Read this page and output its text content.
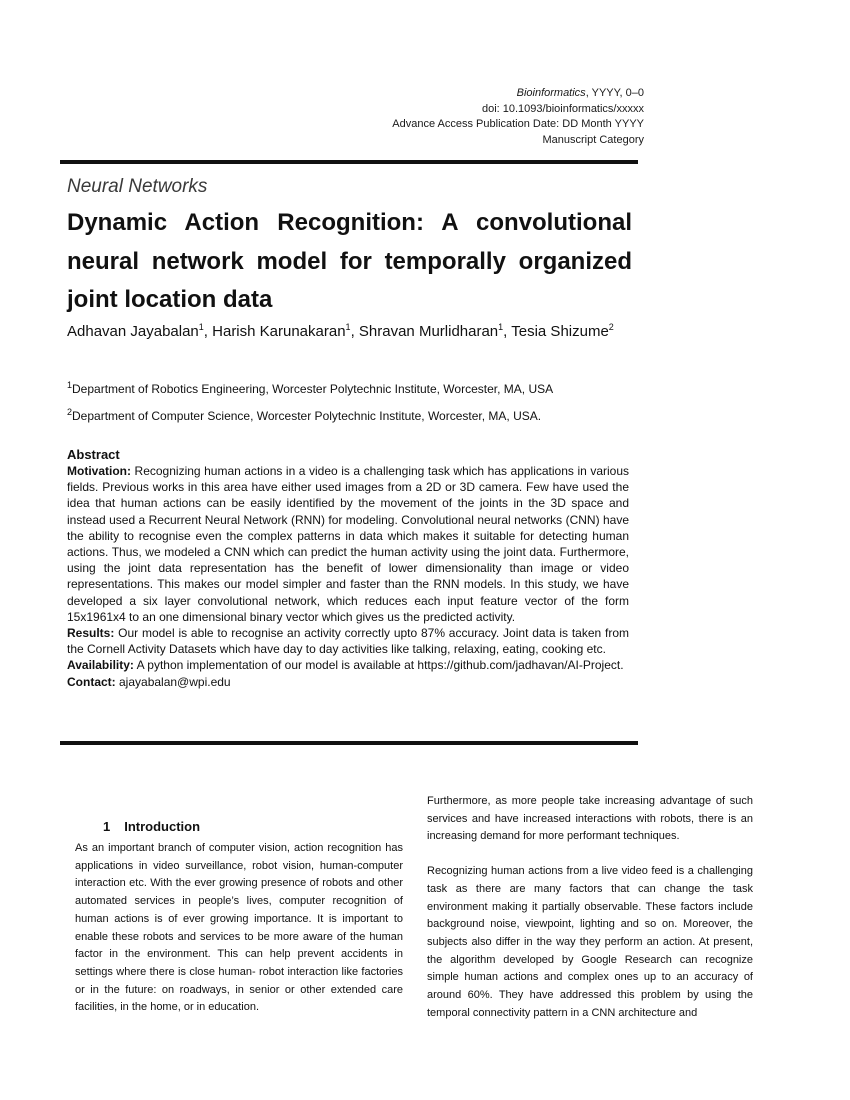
Bioinformatics, YYYY, 0–0
doi: 10.1093/bioinformatics/xxxxx
Advance Access Publication Date: DD Month YYYY
Manuscript Category
Neural Networks
Dynamic Action Recognition: A convolutional neural network model for temporally organized joint location data
Adhavan Jayabalan$^1$, Harish Karunakaran$^1$, Shravan Murlidharan$^1$, Tesia Shizume$^2$
$^1$Department of Robotics Engineering, Worcester Polytechnic Institute, Worcester, MA, USA
$^2$Department of Computer Science, Worcester Polytechnic Institute, Worcester, MA, USA.
Abstract

Motivation: Recognizing human actions in a video is a challenging task which has applications in various fields. Previous works in this area have either used images from a 2D or 3D camera. Few have used the idea that human actions can be easily identified by the movement of the joints in the 3D space and instead used a Recurrent Neural Network (RNN) for modeling. Convolutional neural networks (CNN) have the ability to recognise even the complex patterns in data which makes it suitable for detecting human actions. Thus, we modeled a CNN which can predict the human activity using the joint data. Furthermore, using the joint data representation has the benefit of lower dimensionality than image or video representations. This makes our model simpler and faster than the RNN models. In this study, we have developed a six layer convolutional network, which reduces each input feature vector of the form 15x1961x4 to an one dimensional binary vector which gives us the predicted activity.

Results: Our model is able to recognise an activity correctly upto 87% accuracy. Joint data is taken from the Cornell Activity Datasets which have day to day activities like talking, relaxing, eating, cooking etc.

Availability: A python implementation of our model is available at https://github.com/jadhavan/AI-Project.

Contact: ajayabalan@wpi.edu

1 Introduction

As an important branch of computer vision, action recognition has applications in video surveillance, robot vision, human-computer interaction etc. With the ever growing presence of robots and other automated services in people’s lives, computer recognition of human actions is of ever growing importance. It is important to enable these robots and services to be more aware of the human factor in the environment. This can help prevent accidents in settings where there is close human- robot interaction like factories or in the future: on roadways, in senior or other extended care facilities, in the home, or in education.

Furthermore, as more people take increasing advantage of such services and have increased interactions with robots, there is an increasing demand for more performant techniques.

Recognizing human actions from a live video feed is a challenging task as there are many factors that can change the task environment making it partially observable. These factors include background noise, viewpoint, lighting and so on. Moreover, the subjects also differ in the way they perform an action. At present, the algorithm developed by Google Research can recognize simple human actions and complex ones up to an accuracy of around 60%. They have addressed this problem by using the temporal connectivity pattern in a CNN architecture and
